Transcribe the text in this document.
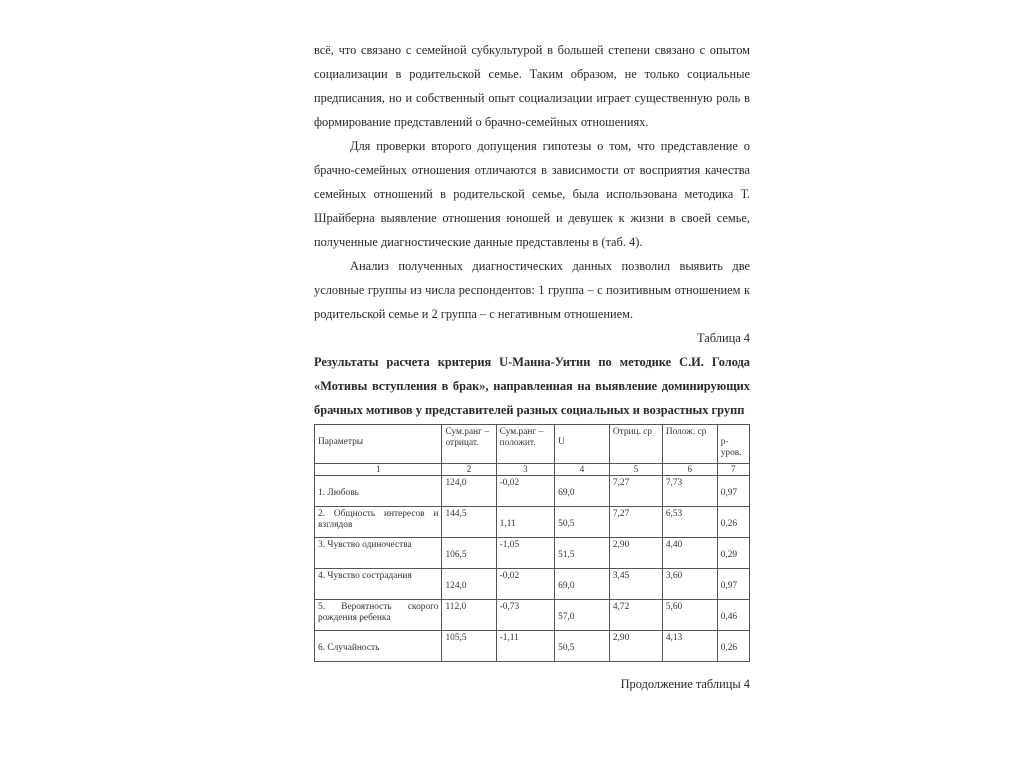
всё, что связано с семейной субкультурой в большей степени связано с опытом социализации в родительской семье. Таким образом, не только социальные предписания, но и собственный опыт социализации играет существенную роль в формирование представлений о брачно-семейных отношениях.

Для проверки второго допущения гипотезы о том, что представление о брачно-семейных отношения отличаются в зависимости от восприятия качества семейных отношений в родительской семье, была использована методика Т. Шрайберна выявление отношения юношей и девушек к жизни в своей семье, полученные диагностические данные представлены в (таб. 4).

Анализ полученных диагностических данных позволил выявить две условные группы из числа респондентов: 1 группа – с позитивным отношением к родительской семье и 2 группа – с негативным отношением.

Таблица 4

Результаты расчета критерия U-Манна-Уитни по методике С.И. Голода «Мотивы вступления в брак», направленная на выявление доминирующих брачных мотивов у представителей разных социальных и возрастных групп

Параметры	Сум.ранг – отрицат.	Сум.ранг – положит.	U	Отриц. ср	Полож. ср	р-уров.

1	2	3	4	5	6	7

1. Любовь	124,0	-0,02	69,0	7,27	7,73	0,97

2. Общность интересов и взглядов	144,5	1,11	50,5	7,27	6,53	0,26

3. Чувство одиночества	106,5	-1,05	51,5	2,90	4,40	0,29

4. Чувство сострадания	124,0	-0,02	69,0	3,45	3,60	0,97

5. Вероятность скорого рождения ребенка	112,0	-0,73	57,0	4,72	5,60	0,46

6. Случайность	105,5	-1,11	50,5	2,90	4,13	0,26
Продолжение таблицы 4
